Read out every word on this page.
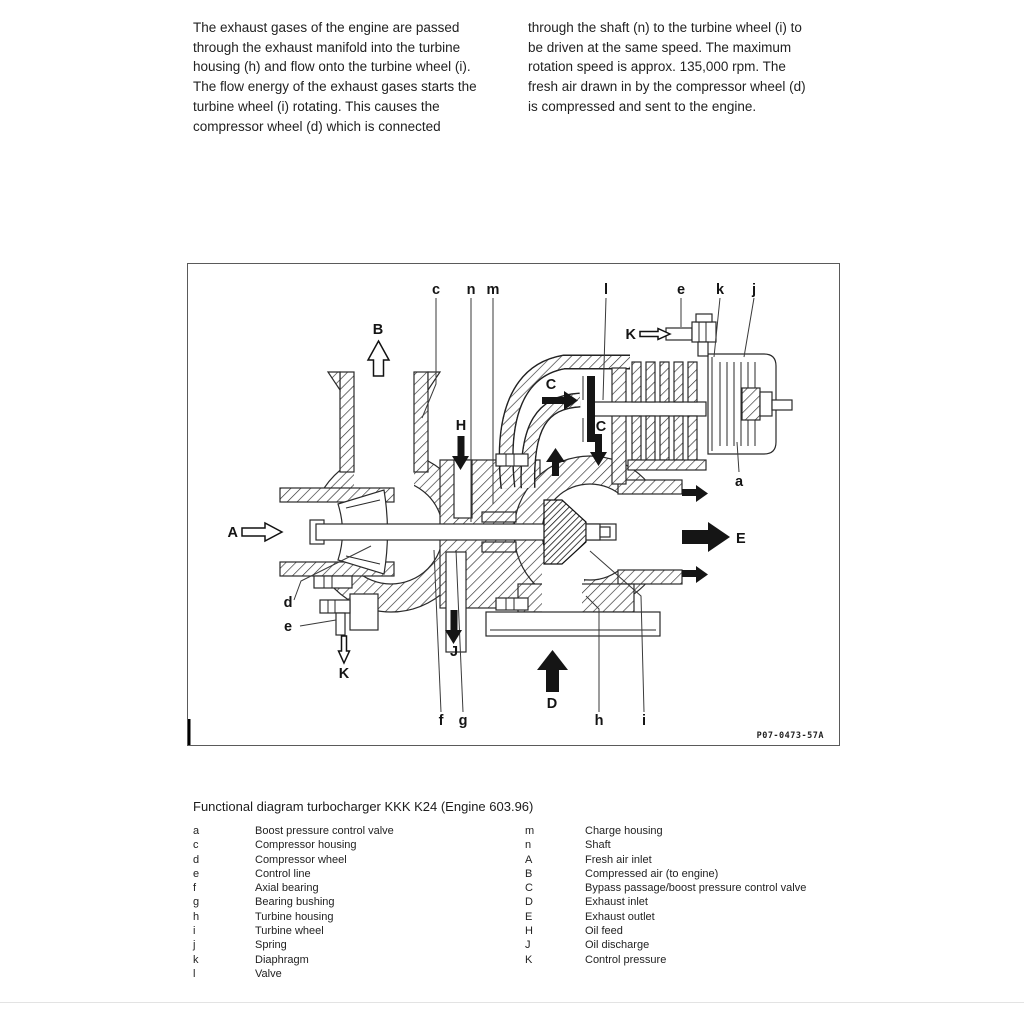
The exhaust gases of the engine are passed
through the exhaust manifold into the turbine
housing (h) and flow onto the turbine wheel (i).
The flow energy of the exhaust gases starts the
turbine wheel (i) rotating. This causes the
compressor wheel (d) which is connected
through the shaft (n) to the turbine wheel (i) to
be driven at the same speed. The maximum
rotation speed is approx. 135,000 rpm. The
fresh air drawn in by the compressor wheel (d)
is compressed and sent to the engine.
c n m	l	e k j
a
d
e
f g	h	i
B	K
C
C
H
A	E
K
J
D
P07-0473-57A
Functional diagram turbocharger KKK K24 (Engine 603.96)
a	Boost pressure control valve
c	Compressor housing
d	Compressor wheel
e	Control line
f	Axial bearing
g	Bearing bushing
h	Turbine housing
i	Turbine wheel
j	Spring
k	Diaphragm
l	Valve
m	Charge housing
n	Shaft
A	Fresh air inlet
B	Compressed air (to engine)
C	Bypass passage/boost pressure control valve
D	Exhaust inlet
E	Exhaust outlet
H	Oil feed
J	Oil discharge
K	Control pressure
